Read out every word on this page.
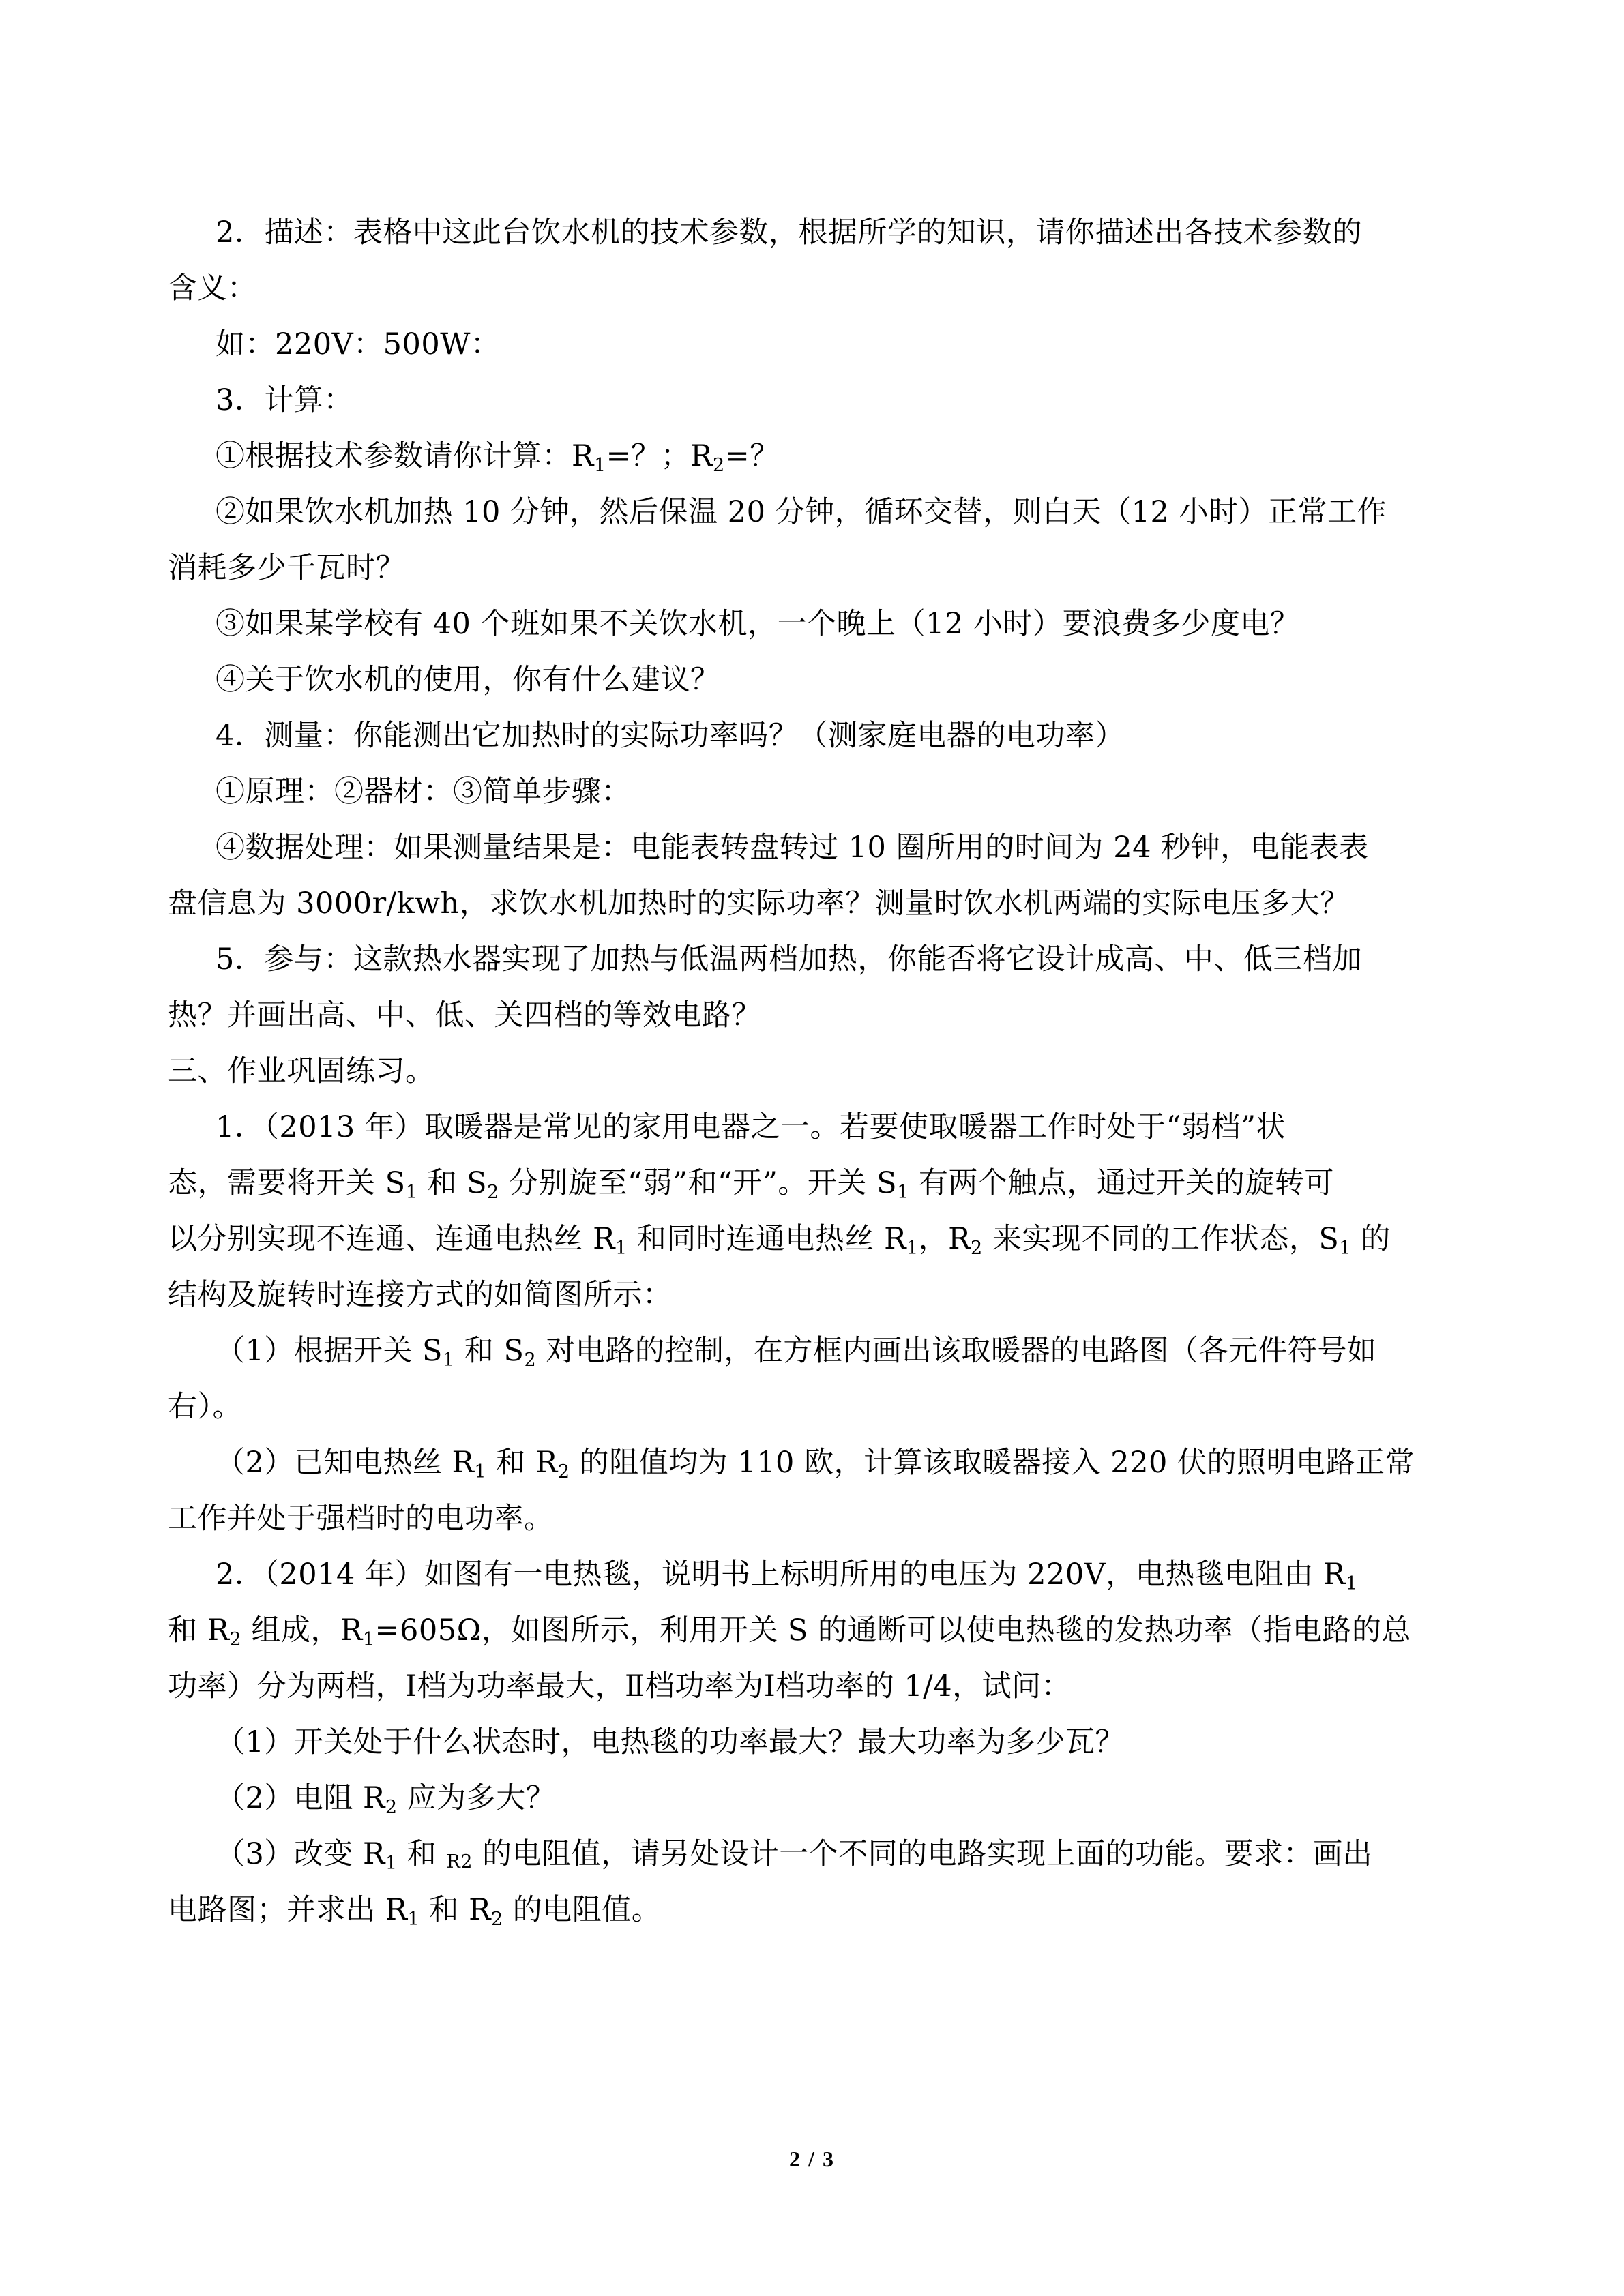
2．描述：表格中这此台饮水机的技术参数，根据所学的知识，请你描述出各技术参数的
含义：
如：220V：500W：
3．计算：
①根据技术参数请你计算：$R_1=$？；$R_2=$？
②如果饮水机加热 10 分钟，然后保温 20 分钟，循环交替，则白天（12 小时）正常工作
消耗多少千瓦时？
③如果某学校有 40 个班如果不关饮水机，一个晚上（12 小时）要浪费多少度电？
④关于饮水机的使用，你有什么建议？
4．测量：你能测出它加热时的实际功率吗？（测家庭电器的电功率）
①原理：②器材：③简单步骤：
④数据处理：如果测量结果是：电能表转盘转过 10 圈所用的时间为 24 秒钟，电能表表
盘信息为 3000r/kwh，求饮水机加热时的实际功率？测量时饮水机两端的实际电压多大？
5．参与：这款热水器实现了加热与低温两档加热，你能否将它设计成高、中、低三档加
热？并画出高、中、低、关四档的等效电路？
三、作业巩固练习。
1．（2013 年）取暖器是常见的家用电器之一。若要使取暖器工作时处于“弱档”状
态，需要将开关 $S_1$ 和 $S_2$ 分别旋至“弱”和“开”。开关 $S_1$ 有两个触点，通过开关的旋转可
以分别实现不连通、连通电热丝 $R_1$ 和同时连通电热丝 $R_1$，$R_2$ 来实现不同的工作状态，$S_1$ 的
结构及旋转时连接方式的如简图所示：
（1）根据开关 $S_1$ 和 $S_2$ 对电路的控制，在方框内画出该取暖器的电路图（各元件符号如
右）。
（2）已知电热丝 $R_1$ 和 $R_2$ 的阻值均为 110 欧，计算该取暖器接入 220 伏的照明电路正常
工作并处于强档时的电功率。
2．（2014 年）如图有一电热毯，说明书上标明所用的电压为 220V，电热毯电阻由 $R_1$
和 $R_2$ 组成，$R_1=605\Omega$，如图所示，利用开关 S 的通断可以使电热毯的发热功率（指电路的总
功率）分为两档，Ⅰ档为功率最大，Ⅱ档功率为Ⅰ档功率的 1/4，试问：
（1）开关处于什么状态时，电热毯的功率最大？最大功率为多少瓦？
（2）电阻 $R_2$ 应为多大？
（3）改变 $R_1$ 和 R2 的电阻值，请另处设计一个不同的电路实现上面的功能。要求：画出
电路图；并求出 $R_1$ 和 $R_2$ 的电阻值。
2 / 3
